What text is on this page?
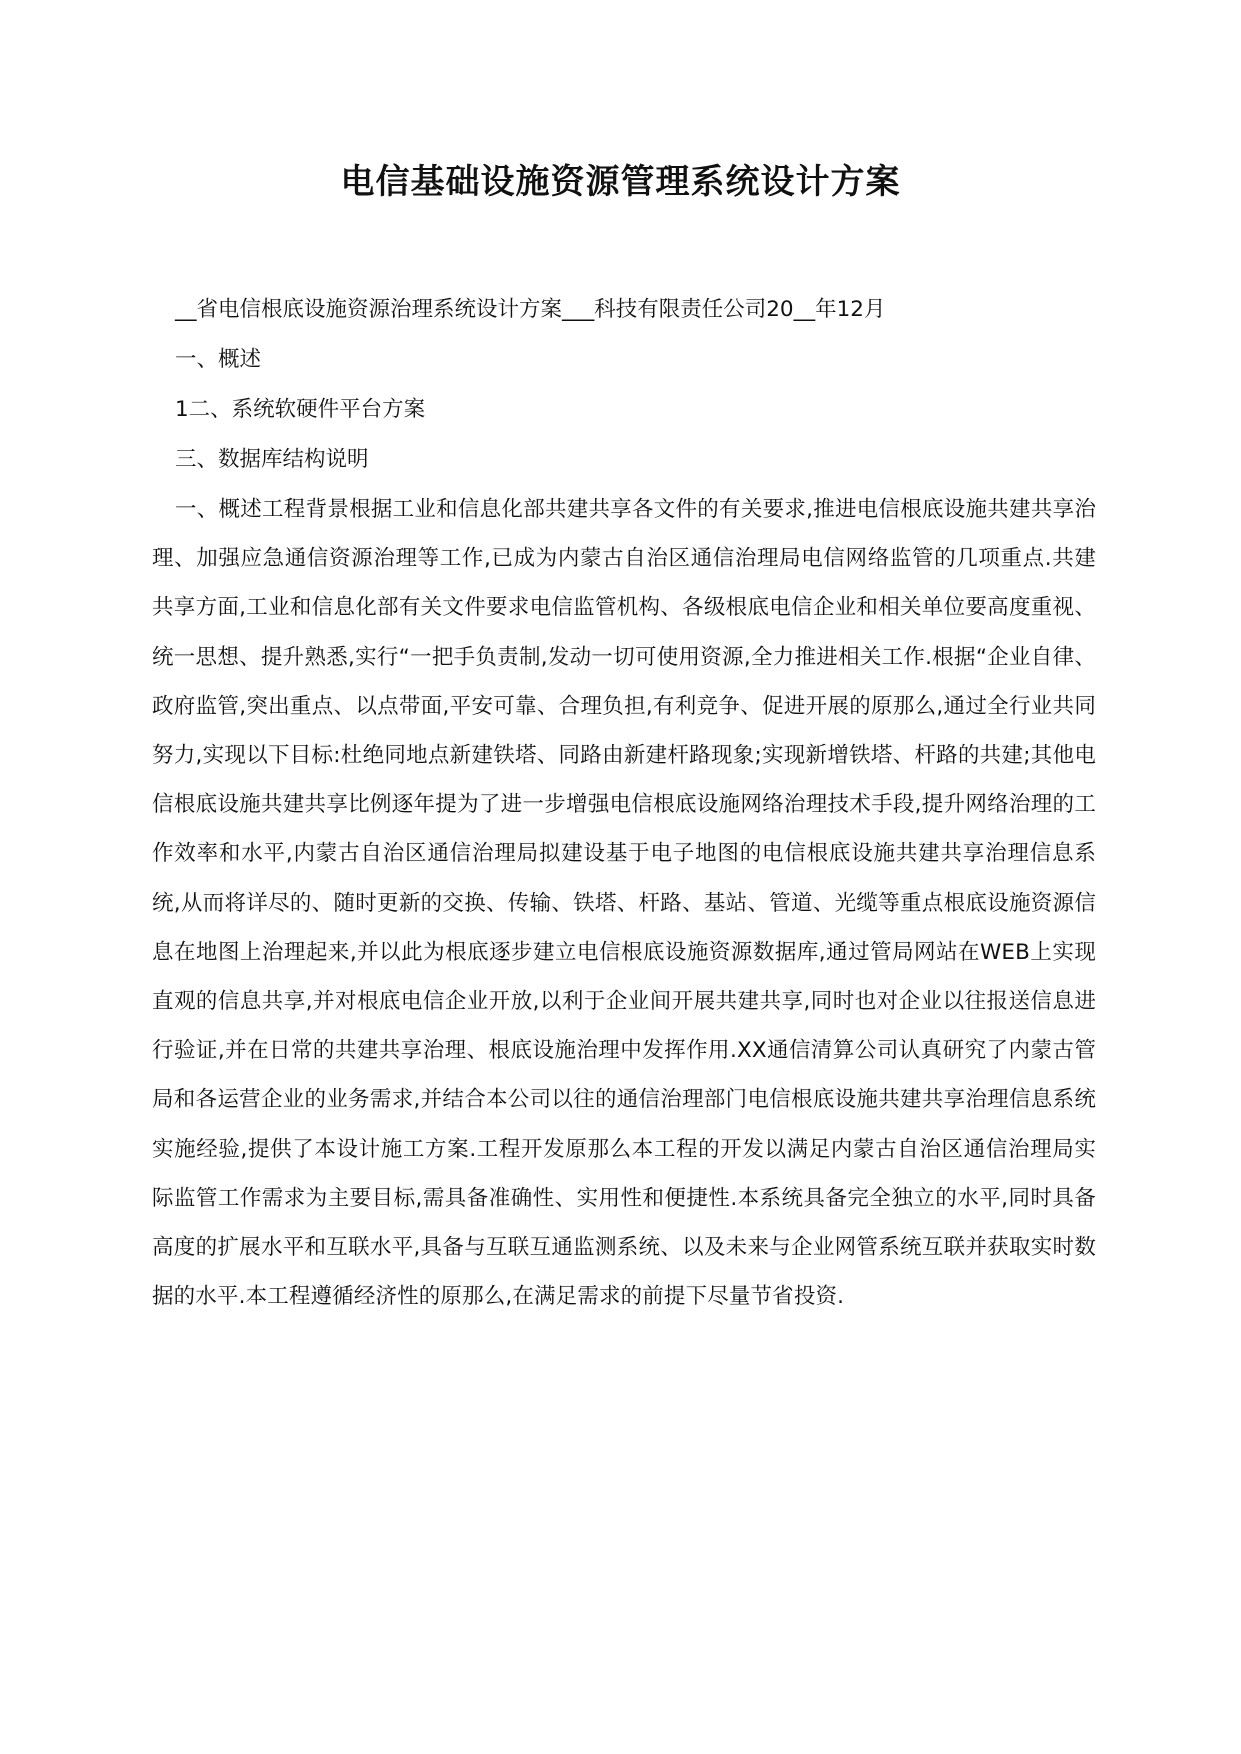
电信基础设施资源管理系统设计方案

__省电信根底设施资源治理系统设计方案___科技有限责任公司20__年12月

一、概述

1二、系统软硬件平台方案

三、数据库结构说明

一、概述工程背景根据工业和信息化部共建共享各文件的有关要求,推进电信根底设施共建共享治理、加强应急通信资源治理等工作,已成为内蒙古自治区通信治理局电信网络监管的几项重点.共建共享方面,工业和信息化部有关文件要求电信监管机构、各级根底电信企业和相关单位要高度重视、统一思想、提升熟悉,实行“一把手负责制,发动一切可使用资源,全力推进相关工作.根据“企业自律、政府监管,突出重点、以点带面,平安可靠、合理负担,有利竞争、促进开展的原那么,通过全行业共同努力,实现以下目标:杜绝同地点新建铁塔、同路由新建杆路现象;实现新增铁塔、杆路的共建;其他电信根底设施共建共享比例逐年提为了进一步增强电信根底设施网络治理技术手段,提升网络治理的工作效率和水平,内蒙古自治区通信治理局拟建设基于电子地图的电信根底设施共建共享治理信息系统,从而将详尽的、随时更新的交换、传输、铁塔、杆路、基站、管道、光缆等重点根底设施资源信息在地图上治理起来,并以此为根底逐步建立电信根底设施资源数据库,通过管局网站在WEB上实现直观的信息共享,并对根底电信企业开放,以利于企业间开展共建共享,同时也对企业以往报送信息进行验证,并在日常的共建共享治理、根底设施治理中发挥作用.XX通信清算公司认真研究了内蒙古管局和各运营企业的业务需求,并结合本公司以往的通信治理部门电信根底设施共建共享治理信息系统实施经验,提供了本设计施工方案.工程开发原那么本工程的开发以满足内蒙古自治区通信治理局实际监管工作需求为主要目标,需具备准确性、实用性和便捷性.本系统具备完全独立的水平,同时具备高度的扩展水平和互联水平,具备与互联互通监测系统、以及未来与企业网管系统互联并获取实时数据的水平.本工程遵循经济性的原那么,在满足需求的前提下尽量节省投资.
